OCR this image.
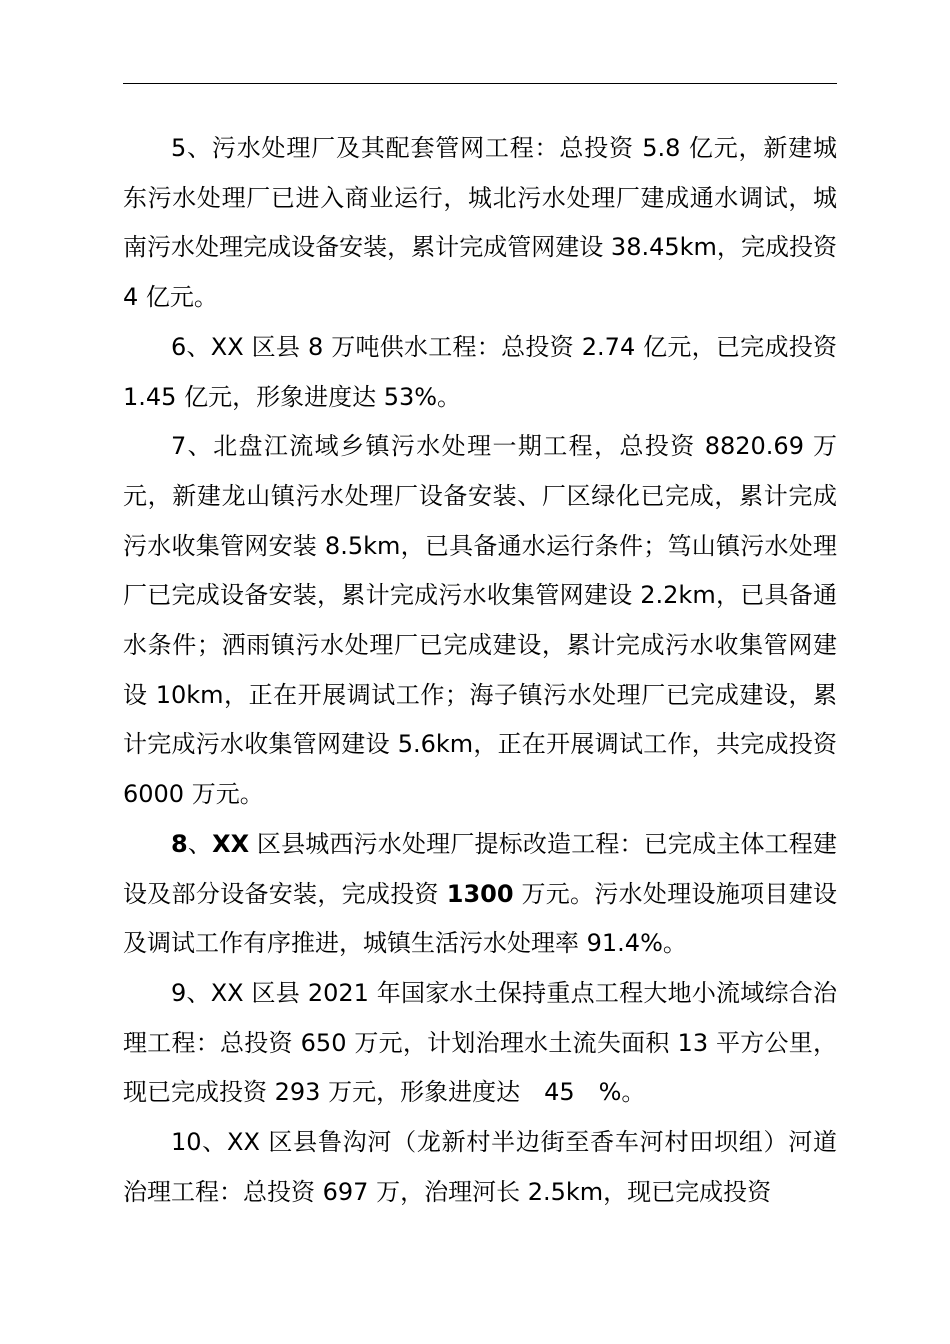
5、污水处理厂及其配套管网工程：总投资 5.8 亿元，新建城东污水处理厂已进入商业运行，城北污水处理厂建成通水调试，城南污水处理完成设备安装，累计完成管网建设 38.45km，完成投资 4 亿元。

6、XX 区县 8 万吨供水工程：总投资 2.74 亿元，已完成投资 1.45 亿元，形象进度达 53%。

7、北盘江流域乡镇污水处理一期工程，总投资 8820.69 万元，新建龙山镇污水处理厂设备安装、厂区绿化已完成，累计完成污水收集管网安装 8.5km，已具备通水运行条件；笃山镇污水处理厂已完成设备安装，累计完成污水收集管网建设 2.2km，已具备通水条件；洒雨镇污水处理厂已完成建设，累计完成污水收集管网建设 10km，正在开展调试工作；海子镇污水处理厂已完成建设，累计完成污水收集管网建设 5.6km，正在开展调试工作，共完成投资 6000 万元。

8、XX 区县城西污水处理厂提标改造工程：已完成主体工程建设及部分设备安装，完成投资 1300 万元。污水处理设施项目建设及调试工作有序推进，城镇生活污水处理率 91.4%。

9、XX 区县 2021 年国家水土保持重点工程大地小流域综合治理工程：总投资 650 万元，计划治理水土流失面积 13 平方公里，现已完成投资 293 万元，形象进度达　45　%。

10、XX 区县鲁沟河（龙新村半边街至香车河村田坝组）河道治理工程：总投资 697 万，治理河长 2.5km，现已完成投资
